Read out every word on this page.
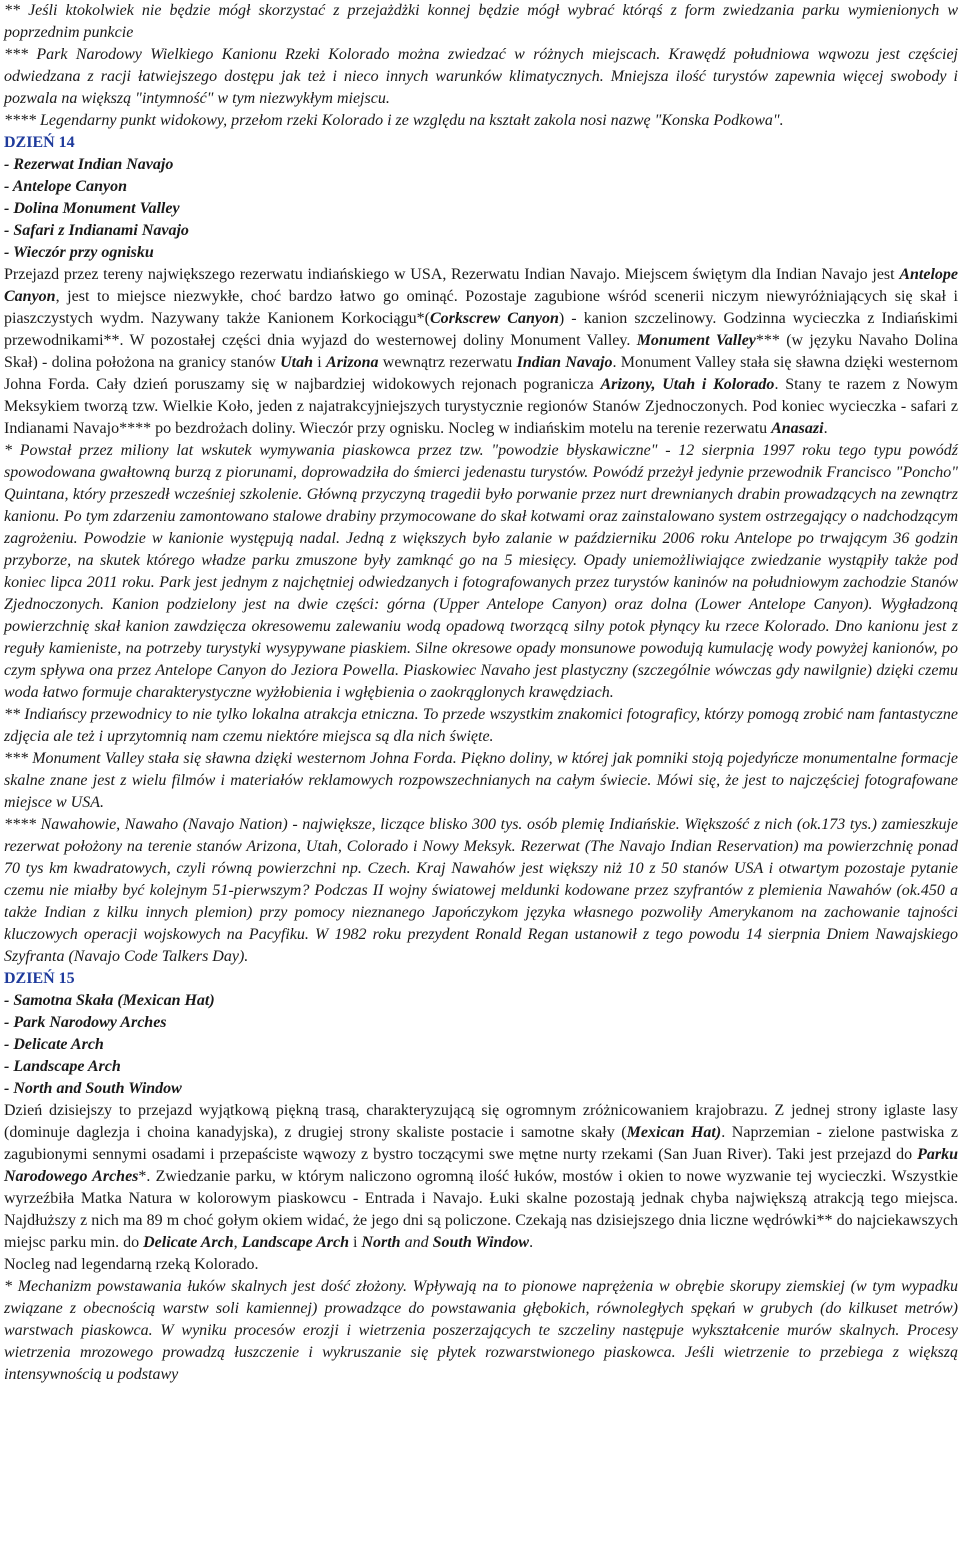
** Jeśli ktokolwiek nie będzie mógł skorzystać z przejażdżki konnej będzie mógł wybrać którąś z form zwiedzania parku wymienionych w poprzednim punkcie

*** Park Narodowy Wielkiego Kanionu Rzeki Kolorado można zwiedzać w różnych miejscach. Krawędź południowa wąwozu jest częściej odwiedzana z racji łatwiejszego dostępu jak też i nieco innych warunków klimatycznych. Mniejsza ilość turystów zapewnia więcej swobody i pozwala na większą "intymność" w tym niezwykłym miejscu.

**** Legendarny punkt widokowy, przełom rzeki Kolorado i ze względu na kształt zakola nosi nazwę "Konska Podkowa".

DZIEŃ 14

- Rezerwat Indian Navajo

- Antelope Canyon

- Dolina Monument Valley

- Safari z Indianami Navajo

- Wieczór przy ognisku

Przejazd przez tereny największego rezerwatu indiańskiego w USA, Rezerwatu Indian Navajo. Miejscem świętym dla Indian Navajo jest Antelope Canyon, jest to miejsce niezwykłe, choć bardzo łatwo go ominąć. Pozostaje zagubione wśród scenerii niczym niewyróżniających się skał i piaszczystych wydm. Nazywany także Kanionem Korkociągu*(Corkscrew Canyon) - kanion szczelinowy. Godzinna wycieczka z Indiańskimi przewodnikami**. W pozostałej części dnia wyjazd do westernowej doliny Monument Valley. Monument Valley*** (w języku Navaho Dolina Skał) - dolina położona na granicy stanów Utah i Arizona wewnątrz rezerwatu Indian Navajo. Monument Valley stała się sławna dzięki westernom Johna Forda. Cały dzień poruszamy się w najbardziej widokowych rejonach pogranicza Arizony, Utah i Kolorado. Stany te razem z Nowym Meksykiem tworzą tzw. Wielkie Koło, jeden z najatrakcyjniejszych turystycznie regionów Stanów Zjednoczonych. Pod koniec wycieczka - safari z Indianami Navajo**** po bezdrożach doliny. Wieczór przy ognisku. Nocleg w indiańskim motelu na terenie rezerwatu Anasazi.

* Powstał przez miliony lat wskutek wymywania piaskowca przez tzw. "powodzie błyskawiczne" - 12 sierpnia 1997 roku tego typu powódź spowodowana gwałtowną burzą z piorunami, doprowadziła do śmierci jedenastu turystów. Powódź przeżył jedynie przewodnik Francisco "Poncho" Quintana, który przeszedł wcześniej szkolenie. Główną przyczyną tragedii było porwanie przez nurt drewnianych drabin prowadzących na zewnątrz kanionu. Po tym zdarzeniu zamontowano stalowe drabiny przymocowane do skał kotwami oraz zainstalowano system ostrzegający o nadchodzącym zagrożeniu. Powodzie w kanionie występują nadal. Jedną z większych było zalanie w październiku 2006 roku Antelope po trwającym 36 godzin przyborze, na skutek którego władze parku zmuszone były zamknąć go na 5 miesięcy. Opady uniemożliwiające zwiedzanie wystąpiły także pod koniec lipca 2011 roku. Park jest jednym z najchętniej odwiedzanych i fotografowanych przez turystów kaninów na południowym zachodzie Stanów Zjednoczonych. Kanion podzielony jest na dwie części: górna (Upper Antelope Canyon) oraz dolna (Lower Antelope Canyon). Wygładzoną powierzchnię skał kanion zawdzięcza okresowemu zalewaniu wodą opadową tworzącą silny potok płynący ku rzece Kolorado. Dno kanionu jest z reguły kamieniste, na potrzeby turystyki wysypywane piaskiem. Silne okresowe opady monsunowe powodują kumulację wody powyżej kanionów, po czym spływa ona przez Antelope Canyon do Jeziora Powella. Piaskowiec Navaho jest plastyczny (szczególnie wówczas gdy nawilgnie) dzięki czemu woda łatwo formuje charakterystyczne wyżłobienia i wgłębienia o zaokrąglonych krawędziach.

** Indiańscy przewodnicy to nie tylko lokalna atrakcja etniczna. To przede wszystkim znakomici fotograficy, którzy pomogą zrobić nam fantastyczne zdjęcia ale też i uprzytomnią nam czemu niektóre miejsca są dla nich święte.

*** Monument Valley stała się sławna dzięki westernom Johna Forda. Piękno doliny, w której jak pomniki stoją pojedyńcze monumentalne formacje skalne znane jest z wielu filmów i materiałów reklamowych rozpowszechnianych na całym świecie. Mówi się, że jest to najczęściej fotografowane miejsce w USA.

**** Nawahowie, Nawaho (Navajo Nation) - największe, liczące blisko 300 tys. osób plemię Indiańskie. Większość z nich (ok.173 tys.) zamieszkuje rezerwat położony na terenie stanów Arizona, Utah, Colorado i Nowy Meksyk. Rezerwat (The Navajo Indian Reservation) ma powierzchnię ponad 70 tys km kwadratowych, czyli równą powierzchni np. Czech. Kraj Nawahów jest większy niż 10 z 50 stanów USA i otwartym pozostaje pytanie czemu nie miałby być kolejnym 51-pierwszym? Podczas II wojny światowej meldunki kodowane przez szyfrantów z plemienia Nawahów (ok.450 a także Indian z kilku innych plemion) przy pomocy nieznanego Japończykom języka własnego pozwoliły Amerykanom na zachowanie tajności kluczowych operacji wojskowych na Pacyfiku. W 1982 roku prezydent Ronald Regan ustanowił z tego powodu 14 sierpnia Dniem Nawajskiego Szyfranta (Navajo Code Talkers Day).

DZIEŃ 15

- Samotna Skała (Mexican Hat)

- Park Narodowy Arches

- Delicate Arch

- Landscape Arch

- North and South Window

Dzień dzisiejszy to przejazd wyjątkową piękną trasą, charakteryzującą się ogromnym zróżnicowaniem krajobrazu. Z jednej strony iglaste lasy (dominuje daglezja i choina kanadyjska), z drugiej strony skaliste postacie i samotne skały (Mexican Hat). Naprzemian - zielone pastwiska z zagubionymi sennymi osadami i przepaściste wąwozy z bystro toczącymi swe mętne nurty rzekami (San Juan River). Taki jest przejazd do Parku Narodowego Arches*. Zwiedzanie parku, w którym naliczono ogromną ilość łuków, mostów i okien to nowe wyzwanie tej wycieczki. Wszystkie wyrzeźbiła Matka Natura w kolorowym piaskowcu - Entrada i Navajo. Łuki skalne pozostają jednak chyba największą atrakcją tego miejsca. Najdłuższy z nich ma 89 m choć gołym okiem widać, że jego dni są policzone. Czekają nas dzisiejszego dnia liczne wędrówki** do najciekawszych miejsc parku min. do Delicate Arch, Landscape Arch i North and South Window.

Nocleg nad legendarną rzeką Kolorado.

* Mechanizm powstawania łuków skalnych jest dość złożony. Wpływają na to pionowe naprężenia w obrębie skorupy ziemskiej (w tym wypadku związane z obecnością warstw soli kamiennej) prowadzące do powstawania głębokich, równoległych spękań w grubych (do kilkuset metrów) warstwach piaskowca. W wyniku procesów erozji i wietrzenia poszerzających te szczeliny następuje wykształcenie murów skalnych. Procesy wietrzenia mrozowego prowadzą łuszczenie i wykruszanie się płytek rozwarstwionego piaskowca. Jeśli wietrzenie to przebiega z większą intensywnością u podstawy
